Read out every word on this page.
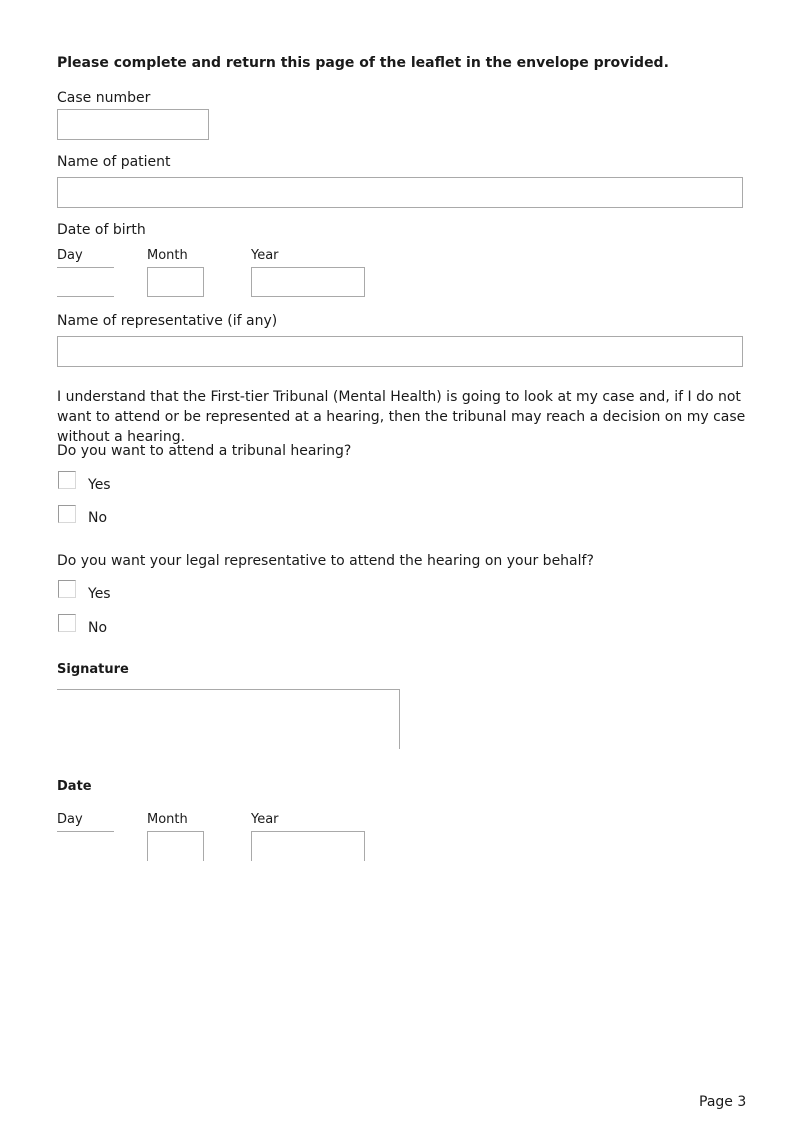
Please complete and return this page of the leaflet in the envelope provided.
Case number
Name of patient
Date of birth
Day	Month	Year
Name of representative (if any)
I understand that the First-tier Tribunal (Mental Health) is going to look at my case and, if I do not want to attend or be represented at a hearing, then the tribunal may reach a decision on my case without a hearing.
Do you want to attend a tribunal hearing?
Yes
No
Do you want your legal representative to attend the hearing on your behalf?
Yes
No
Signature
Date
Day	Month	Year
Page 3
